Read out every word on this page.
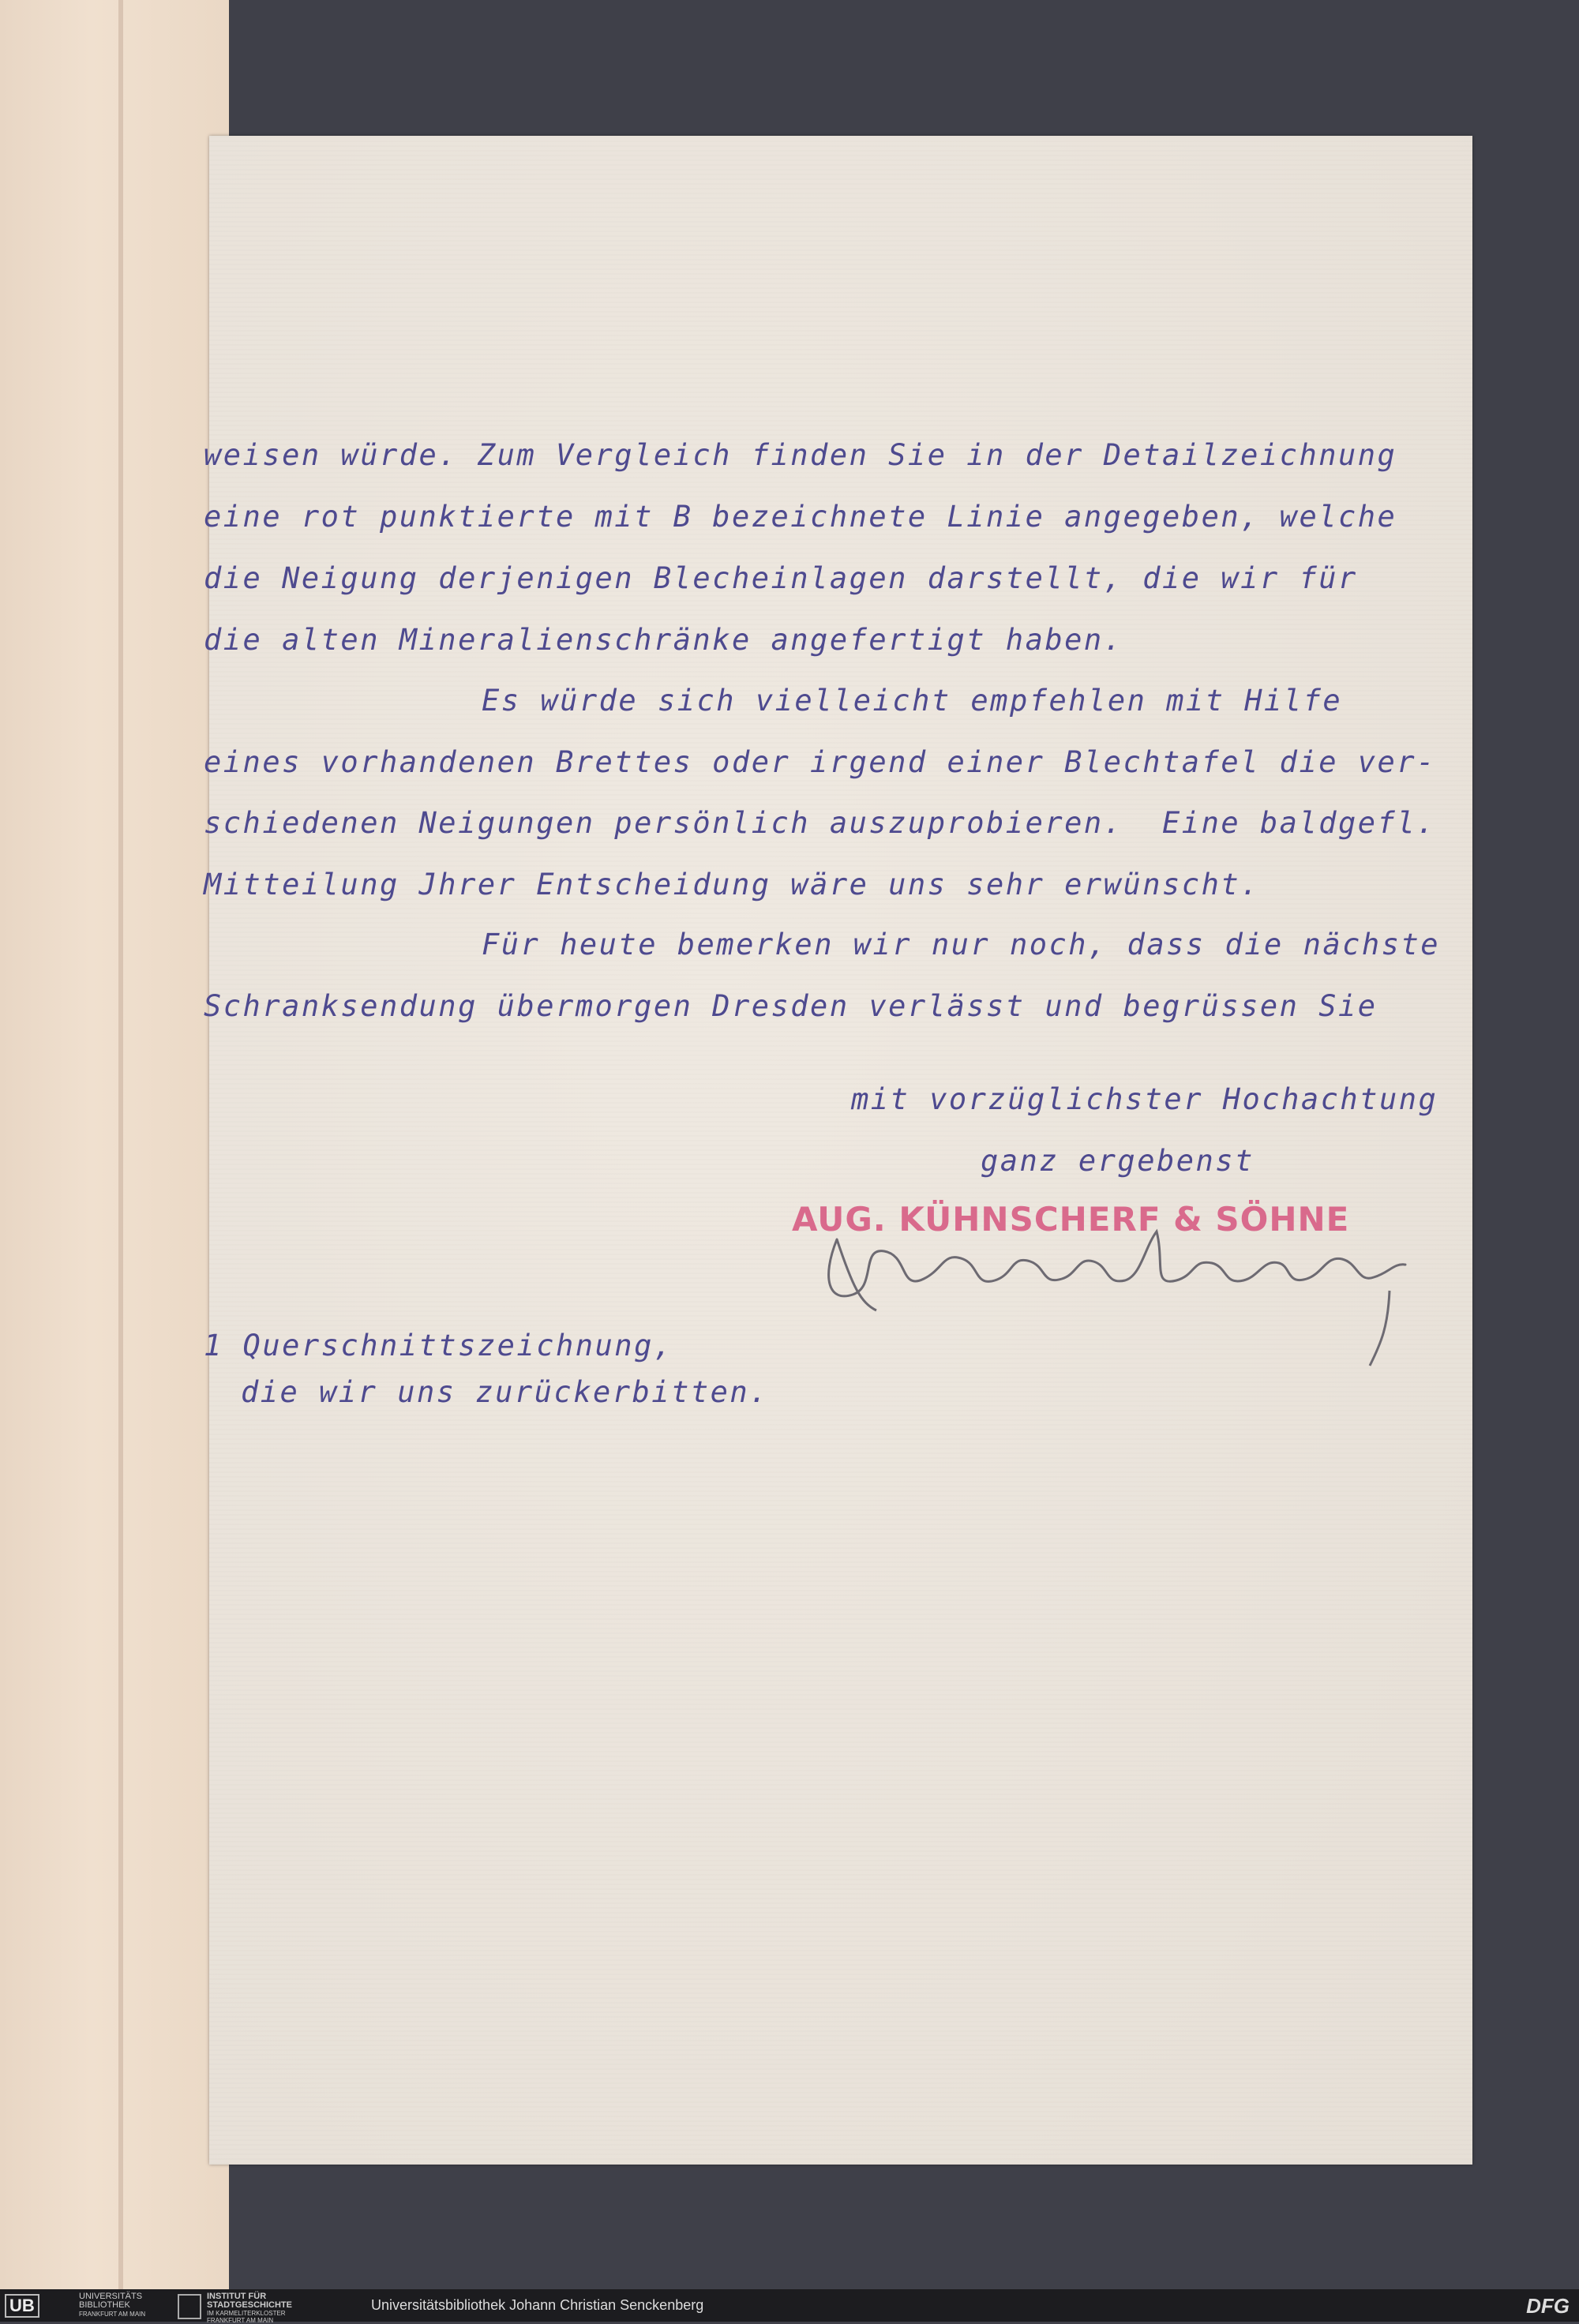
weisen würde. Zum Vergleich finden Sie in der Detailzeichnung
eine rot punktierte mit B bezeichnete Linie angegeben, welche
die Neigung derjenigen Blecheinlagen darstellt, die wir für
die alten Mineralienschränke angefertigt haben.
Es würde sich vielleicht empfehlen mit Hilfe
eines vorhandenen Brettes oder irgend einer Blechtafel die ver-
schiedenen Neigungen persönlich auszuprobieren.  Eine baldgefl.
Mitteilung Jhrer Entscheidung wäre uns sehr erwünscht.
Für heute bemerken wir nur noch, dass die nächste
Schranksendung übermorgen Dresden verlässt und begrüssen Sie
mit vorzüglichster Hochachtung
ganz ergebenst
AUG. KÜHNSCHERF & SÖHNE
1 Querschnittszeichnung,
die wir uns zurückerbitten.
UB	UNIVERSITÄTS
BIBLIOTHEK
FRANKFURT AM MAIN
INSTITUT FÜR
STADTGESCHICHTE
IM KARMELITERKLOSTER
FRANKFURT AM MAIN
Universitätsbibliothek Johann Christian Senckenberg	DFG
